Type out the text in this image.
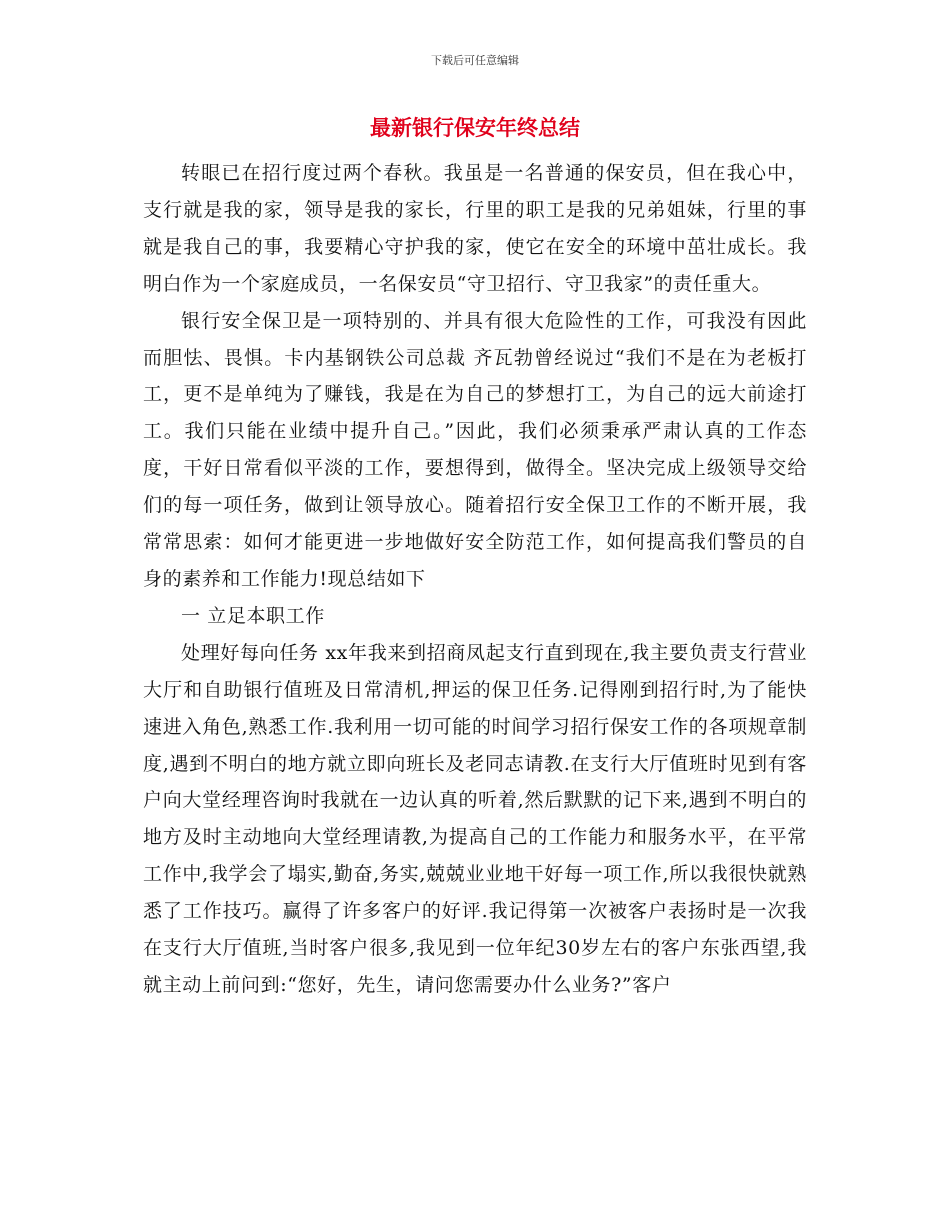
下载后可任意编辑
最新银行保安年终总结

转眼已在招行度过两个春秋。我虽是一名普通的保安员，但在我心中，支行就是我的家，领导是我的家长，行里的职工是我的兄弟姐妹，行里的事就是我自己的事，我要精心守护我的家，使它在安全的环境中茁壮成长。我明白作为一个家庭成员，一名保安员“守卫招行、守卫我家”的责任重大。

银行安全保卫是一项特别的、并具有很大危险性的工作，可我没有因此而胆怯、畏惧。卡内基钢铁公司总裁 齐瓦勃曾经说过“我们不是在为老板打工，更不是单纯为了赚钱，我是在为自己的梦想打工，为自己的远大前途打工。我们只能在业绩中提升自己。”因此，我们必须秉承严肃认真的工作态度，干好日常看似平淡的工作，要想得到，做得全。坚决完成上级领导交给们的每一项任务，做到让领导放心。随着招行安全保卫工作的不断开展，我常常思索：如何才能更进一步地做好安全防范工作，如何提高我们警员的自身的素养和工作能力!现总结如下

一 立足本职工作

处理好每向任务 xx年我来到招商凤起支行直到现在,我主要负责支行营业大厅和自助银行值班及日常清机,押运的保卫任务.记得刚到招行时,为了能快速进入角色,熟悉工作.我利用一切可能的时间学习招行保安工作的各项规章制度,遇到不明白的地方就立即向班长及老同志请教.在支行大厅值班时见到有客户向大堂经理咨询时我就在一边认真的听着,然后默默的记下来,遇到不明白的地方及时主动地向大堂经理请教,为提高自己的工作能力和服务水平，在平常工作中,我学会了塌实,勤奋,务实,兢兢业业地干好每一项工作,所以我很快就熟悉了工作技巧。赢得了许多客户的好评.我记得第一次被客户表扬时是一次我在支行大厅值班,当时客户很多,我见到一位年纪30岁左右的客户东张西望,我就主动上前问到:“您好，先生，请问您需要办什么业务?”客户
